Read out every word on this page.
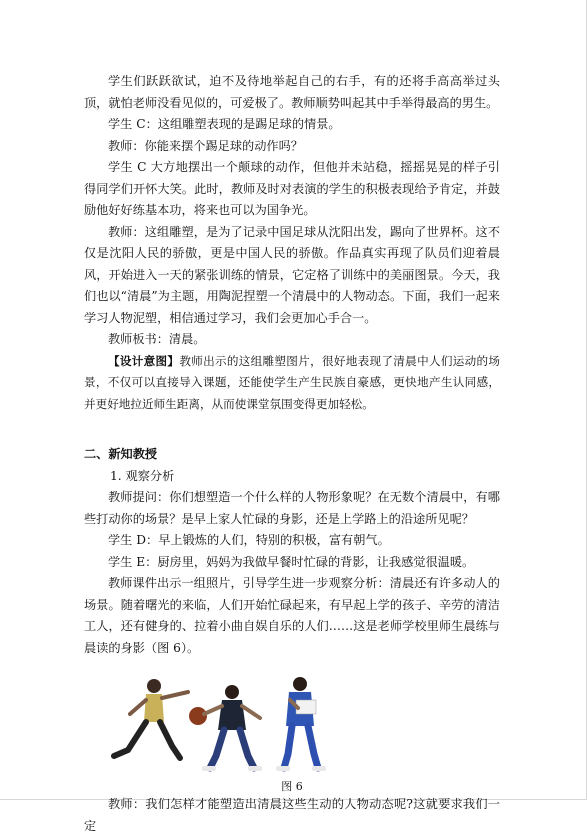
学生们跃跃欲试，迫不及待地举起自己的右手，有的还将手高高举过头顶，就怕老师没看见似的，可爱极了。教师顺势叫起其中手举得最高的男生。

学生 C：这组雕塑表现的是踢足球的情景。

教师：你能来摆个踢足球的动作吗？

学生 C 大方地摆出一个颠球的动作，但他并未站稳，摇摇晃晃的样子引得同学们开怀大笑。此时，教师及时对表演的学生的积极表现给予肯定，并鼓励他好好练基本功，将来也可以为国争光。

教师：这组雕塑，是为了记录中国足球从沈阳出发，踢向了世界杯。这不仅是沈阳人民的骄傲，更是中国人民的骄傲。作品真实再现了队员们迎着晨风，开始进入一天的紧张训练的情景，它定格了训练中的美丽图景。今天，我们也以“清晨”为主题，用陶泥捏塑一个清晨中的人物动态。下面，我们一起来学习人物泥塑，相信通过学习，我们会更加心手合一。

教师板书：清晨。

【设计意图】教师出示的这组雕塑图片，很好地表现了清晨中人们运动的场景，不仅可以直接导入课题，还能使学生产生民族自豪感，更快地产生认同感，并更好地拉近师生距离，从而使课堂氛围变得更加轻松。

二、新知教授

1. 观察分析

教师提问：你们想塑造一个什么样的人物形象呢？在无数个清晨中，有哪些打动你的场景？是早上家人忙碌的身影，还是上学路上的沿途所见呢？

学生 D：早上锻炼的人们，特别的积极，富有朝气。

学生 E：厨房里，妈妈为我做早餐时忙碌的背影，让我感觉很温暖。

教师课件出示一组照片，引导学生进一步观察分析：清晨还有许多动人的场景。随着曙光的来临，人们开始忙碌起来，有早起上学的孩子、辛劳的清洁工人，还有健身的、拉着小曲自娱自乐的人们……这是老师学校里师生晨练与晨读的身影（图 6）。

图 6

教师：我们怎样才能塑造出清晨这些生动的人物动态呢?这就要求我们一定
